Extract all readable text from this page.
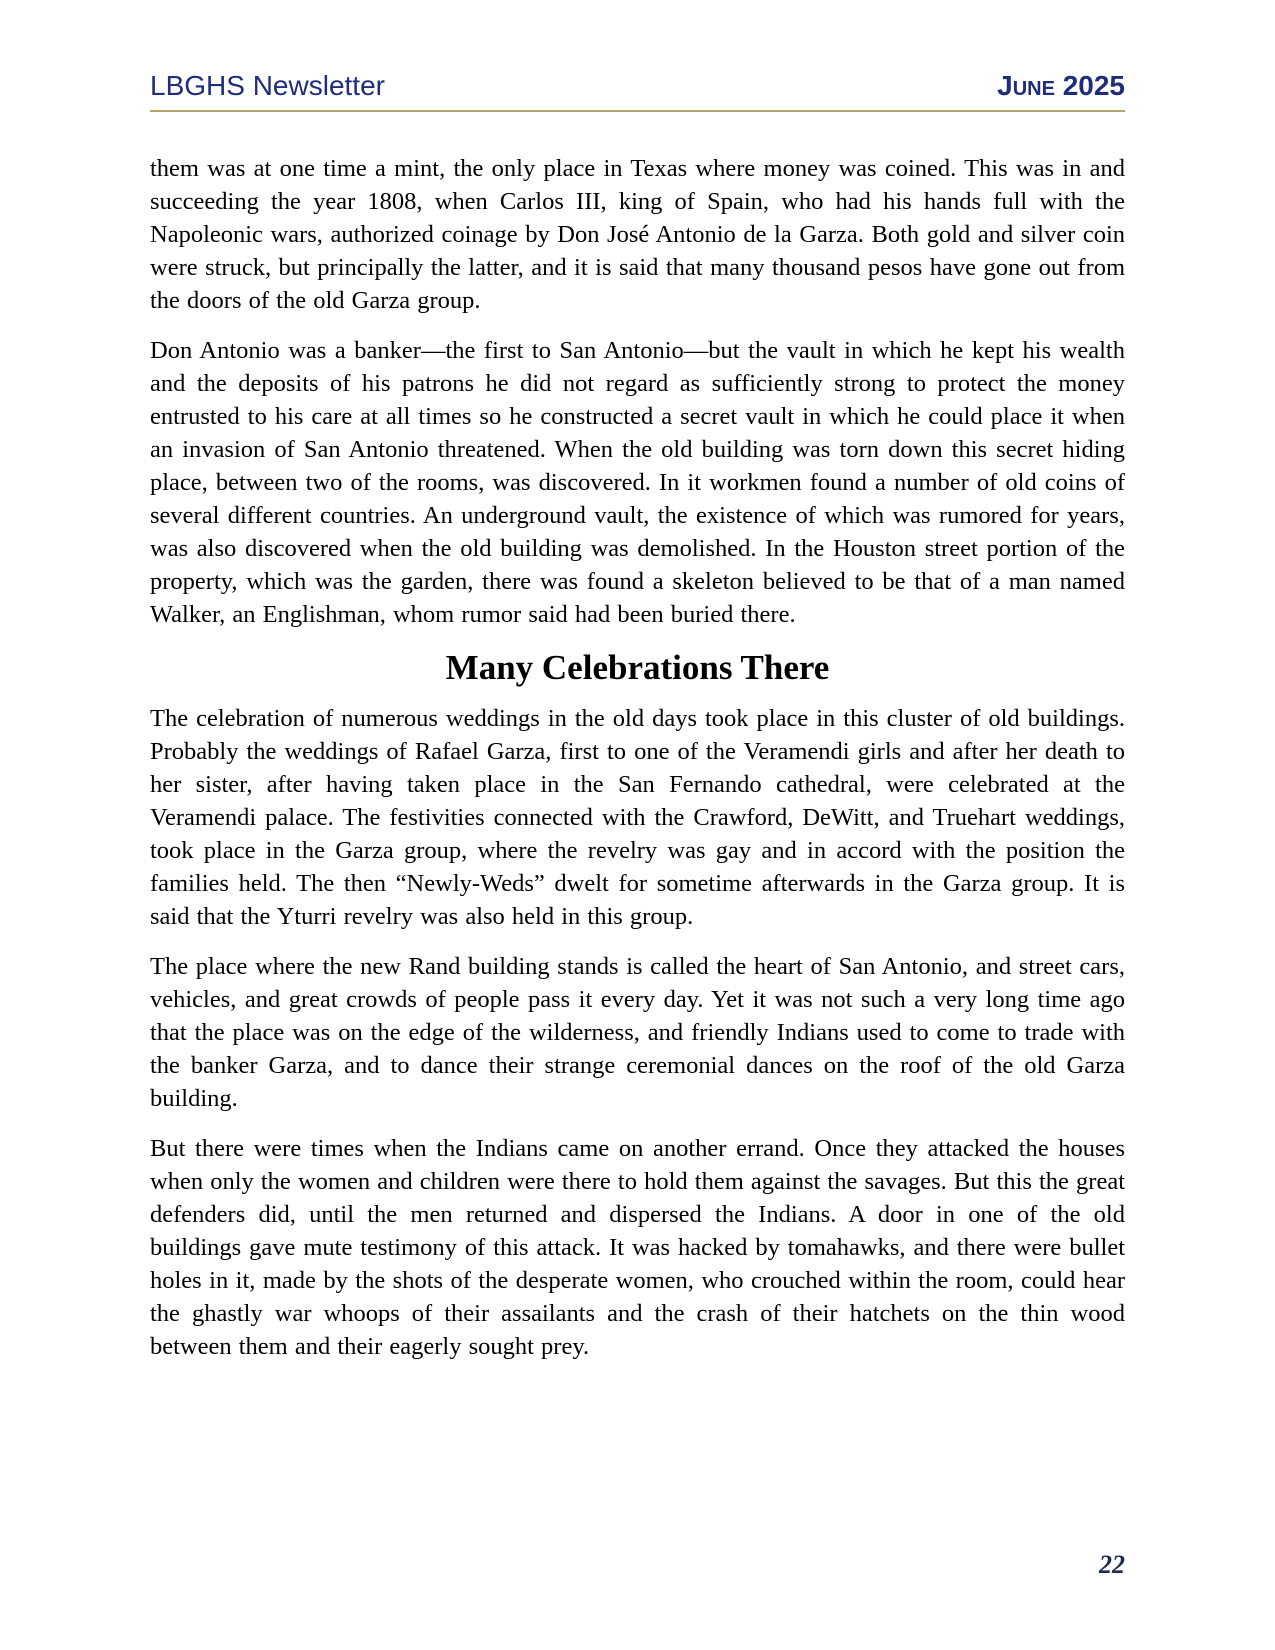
LBGHS Newsletter	June 2025

them was at one time a mint, the only place in Texas where money was coined. This was in and succeeding the year 1808, when Carlos III, king of Spain, who had his hands full with the Napoleonic wars, authorized coinage by Don José Antonio de la Garza. Both gold and silver coin were struck, but principally the latter, and it is said that many thousand pesos have gone out from the doors of the old Garza group.

Don Antonio was a banker—the first to San Antonio—but the vault in which he kept his wealth and the deposits of his patrons he did not regard as sufficiently strong to protect the money entrusted to his care at all times so he constructed a secret vault in which he could place it when an invasion of San Antonio threatened. When the old building was torn down this secret hiding place, between two of the rooms, was discovered. In it workmen found a number of old coins of several different countries. An underground vault, the existence of which was rumored for years, was also discovered when the old building was demolished. In the Houston street portion of the property, which was the garden, there was found a skeleton believed to be that of a man named Walker, an Englishman, whom rumor said had been buried there.

Many Celebrations There

The celebration of numerous weddings in the old days took place in this cluster of old buildings. Probably the weddings of Rafael Garza, first to one of the Veramendi girls and after her death to her sister, after having taken place in the San Fernando cathedral, were celebrated at the Veramendi palace. The festivities connected with the Crawford, DeWitt, and Truehart weddings, took place in the Garza group, where the revelry was gay and in accord with the position the families held. The then “Newly-Weds” dwelt for sometime afterwards in the Garza group. It is said that the Yturri revelry was also held in this group.

The place where the new Rand building stands is called the heart of San Antonio, and street cars, vehicles, and great crowds of people pass it every day. Yet it was not such a very long time ago that the place was on the edge of the wilderness, and friendly Indians used to come to trade with the banker Garza, and to dance their strange ceremonial dances on the roof of the old Garza building.

But there were times when the Indians came on another errand. Once they attacked the houses when only the women and children were there to hold them against the savages. But this the great defenders did, until the men returned and dispersed the Indians. A door in one of the old buildings gave mute testimony of this attack. It was hacked by tomahawks, and there were bullet holes in it, made by the shots of the desperate women, who crouched within the room, could hear the ghastly war whoops of their assailants and the crash of their hatchets on the thin wood between them and their eagerly sought prey.

22
